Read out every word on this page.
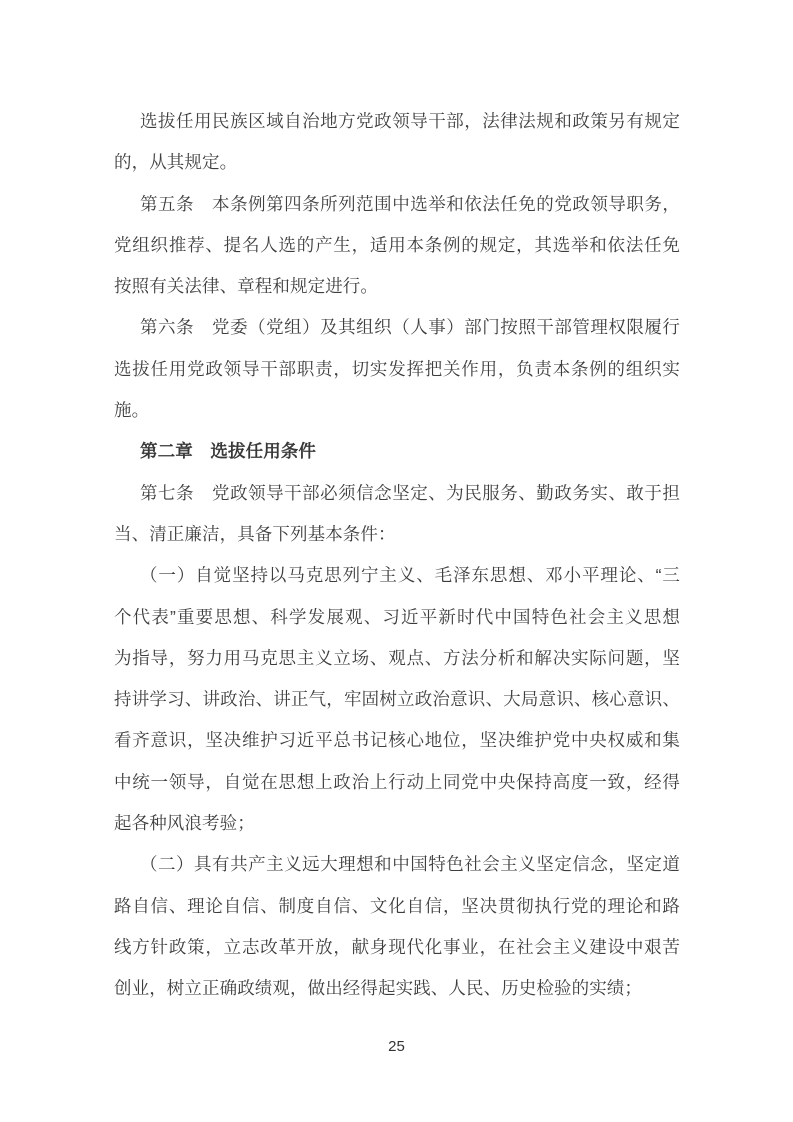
选拔任用民族区域自治地方党政领导干部，法律法规和政策另有规定
的，从其规定。
第五条　本条例第四条所列范围中选举和依法任免的党政领导职务，
党组织推荐、提名人选的产生，适用本条例的规定，其选举和依法任免
按照有关法律、章程和规定进行。
第六条　党委（党组）及其组织（人事）部门按照干部管理权限履行
选拔任用党政领导干部职责，切实发挥把关作用，负责本条例的组织实
施。
第二章　选拔任用条件
第七条　党政领导干部必须信念坚定、为民服务、勤政务实、敢于担
当、清正廉洁，具备下列基本条件：
（一）自觉坚持以马克思列宁主义、毛泽东思想、邓小平理论、“三
个代表”重要思想、科学发展观、习近平新时代中国特色社会主义思想
为指导，努力用马克思主义立场、观点、方法分析和解决实际问题，坚
持讲学习、讲政治、讲正气，牢固树立政治意识、大局意识、核心意识、
看齐意识，坚决维护习近平总书记核心地位，坚决维护党中央权威和集
中统一领导，自觉在思想上政治上行动上同党中央保持高度一致，经得
起各种风浪考验；
（二）具有共产主义远大理想和中国特色社会主义坚定信念，坚定道
路自信、理论自信、制度自信、文化自信，坚决贯彻执行党的理论和路
线方针政策，立志改革开放，献身现代化事业，在社会主义建设中艰苦
创业，树立正确政绩观，做出经得起实践、人民、历史检验的实绩；
25
